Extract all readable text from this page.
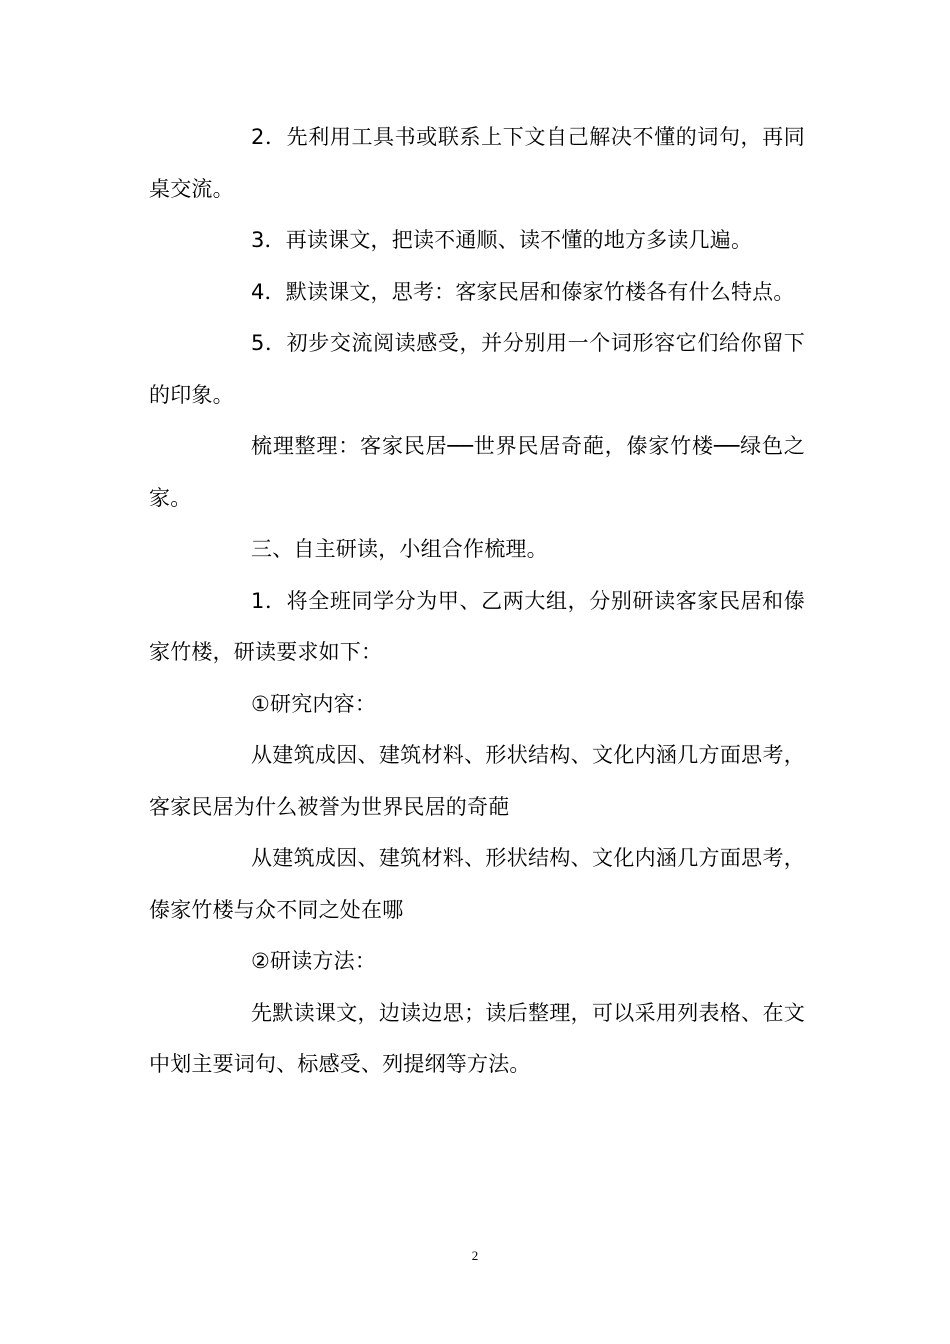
2．先利用工具书或联系上下文自己解决不懂的词句，再同桌交流。

3．再读课文，把读不通顺、读不懂的地方多读几遍。

4．默读课文，思考：客家民居和傣家竹楼各有什么特点。

5．初步交流阅读感受，并分别用一个词形容它们给你留下的印象。

梳理整理：客家民居──世界民居奇葩，傣家竹楼──绿色之家。

三、自主研读，小组合作梳理。

1．将全班同学分为甲、乙两大组，分别研读客家民居和傣家竹楼，研读要求如下：

①研究内容：

从建筑成因、建筑材料、形状结构、文化内涵几方面思考，客家民居为什么被誉为世界民居的奇葩

从建筑成因、建筑材料、形状结构、文化内涵几方面思考，傣家竹楼与众不同之处在哪

②研读方法：

先默读课文，边读边思；读后整理，可以采用列表格、在文中划主要词句、标感受、列提纲等方法。

2
